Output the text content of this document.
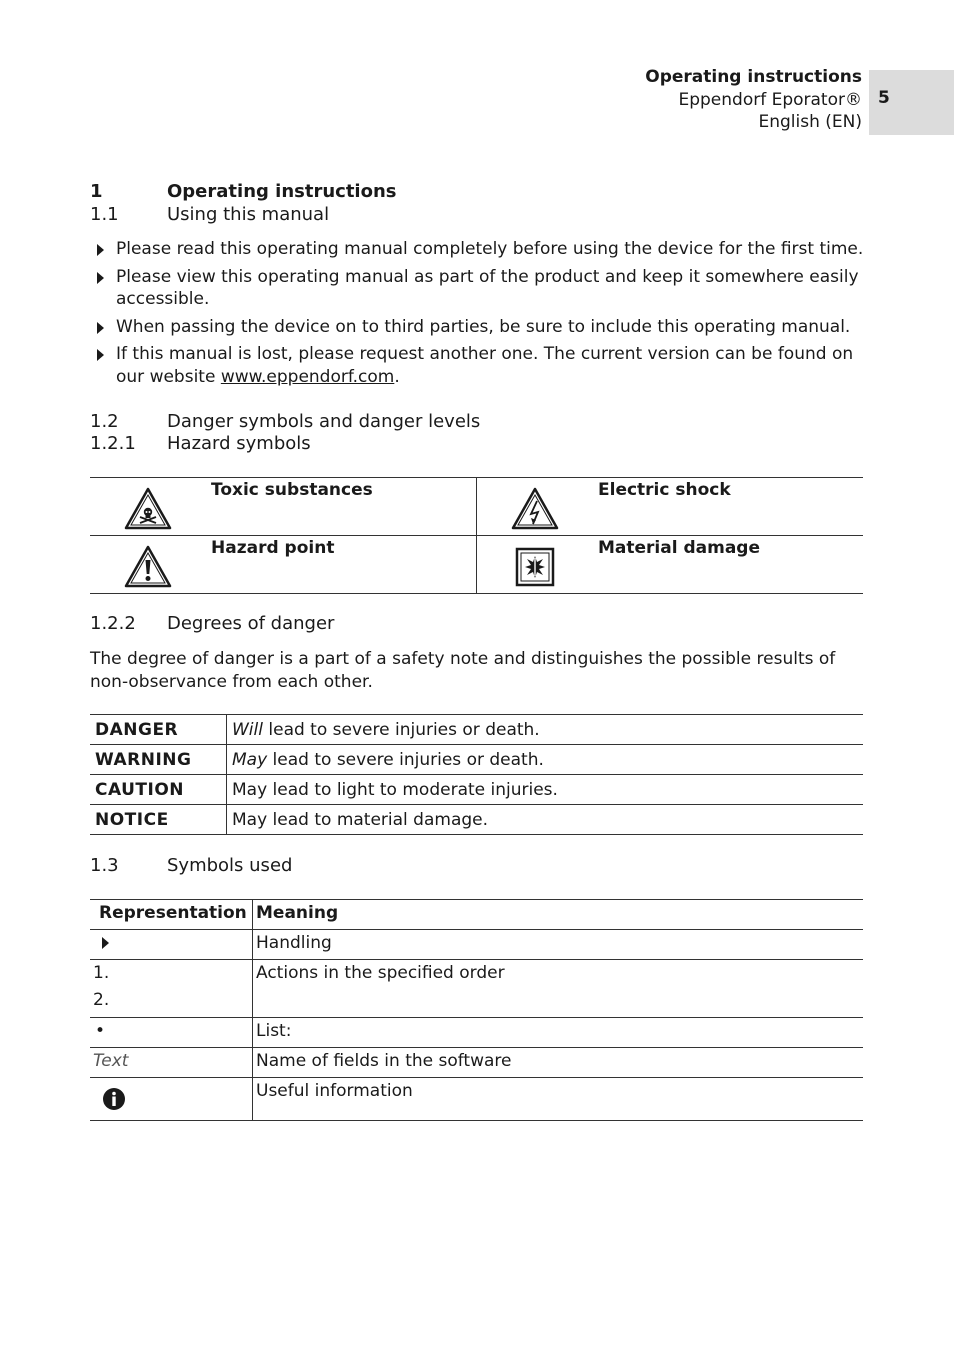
Operating instructions
Eppendorf Eporator®
English (EN)
5
1	Operating instructions
1.1	Using this manual
Please read this operating manual completely before using the device for the first time.
Please view this operating manual as part of the product and keep it somewhere easily accessible.
When passing the device on to third parties, be sure to include this operating manual.
If this manual is lost, please request another one. The current version can be found on our website www.eppendorf.com.
1.2	Danger symbols and danger levels
1.2.1 Hazard symbols
Toxic substances	Electric shock

Hazard point	Material damage
1.2.2 Degrees of danger
The degree of danger is a part of a safety note and distinguishes the possible results of non-observance from each other.
DANGER	Will lead to severe injuries or death.
WARNING	May lead to severe injuries or death.
CAUTION	May lead to light to moderate injuries.
NOTICE	May lead to material damage.
1.3	Symbols used
Representation	Meaning
	Handling

1.
2.	Actions in the specified order
•	List:
Text	Name of fields in the software
	Useful information
